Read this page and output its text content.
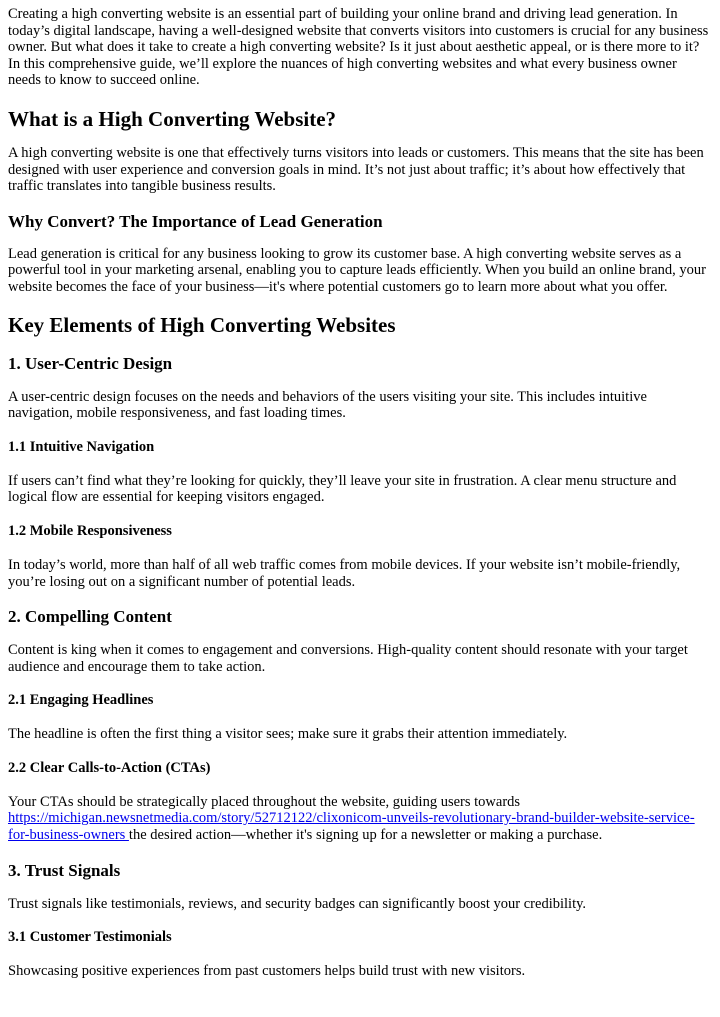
Creating a high converting website is an essential part of building your online brand and driving lead generation. In today’s digital landscape, having a well-designed website that converts visitors into customers is crucial for any business owner. But what does it take to create a high converting website? Is it just about aesthetic appeal, or is there more to it? In this comprehensive guide, we’ll explore the nuances of high converting websites and what every business owner needs to know to succeed online.

What is a High Converting Website?

A high converting website is one that effectively turns visitors into leads or customers. This means that the site has been designed with user experience and conversion goals in mind. It’s not just about traffic; it’s about how effectively that traffic translates into tangible business results.

Why Convert? The Importance of Lead Generation

Lead generation is critical for any business looking to grow its customer base. A high converting website serves as a powerful tool in your marketing arsenal, enabling you to capture leads efficiently. When you build an online brand, your website becomes the face of your business—it's where potential customers go to learn more about what you offer.

Key Elements of High Converting Websites
1. User-Centric Design

A user-centric design focuses on the needs and behaviors of the users visiting your site. This includes intuitive navigation, mobile responsiveness, and fast loading times.

1.1 Intuitive Navigation

If users can’t find what they’re looking for quickly, they’ll leave your site in frustration. A clear menu structure and logical flow are essential for keeping visitors engaged.

1.2 Mobile Responsiveness

In today’s world, more than half of all web traffic comes from mobile devices. If your website isn’t mobile-friendly, you’re losing out on a significant number of potential leads.

2. Compelling Content

Content is king when it comes to engagement and conversions. High-quality content should resonate with your target audience and encourage them to take action.

2.1 Engaging Headlines

The headline is often the first thing a visitor sees; make sure it grabs their attention immediately.

2.2 Clear Calls-to-Action (CTAs)

Your CTAs should be strategically placed throughout the website, guiding users towards https://michigan.newsnetmedia.com/story/52712122/clixonicom-unveils-revolutionary-brand-builder-website-service-for-business-owners the desired action—whether it's signing up for a newsletter or making a purchase.

3. Trust Signals

Trust signals like testimonials, reviews, and security badges can significantly boost your credibility.

3.1 Customer Testimonials

Showcasing positive experiences from past customers helps build trust with new visitors.
